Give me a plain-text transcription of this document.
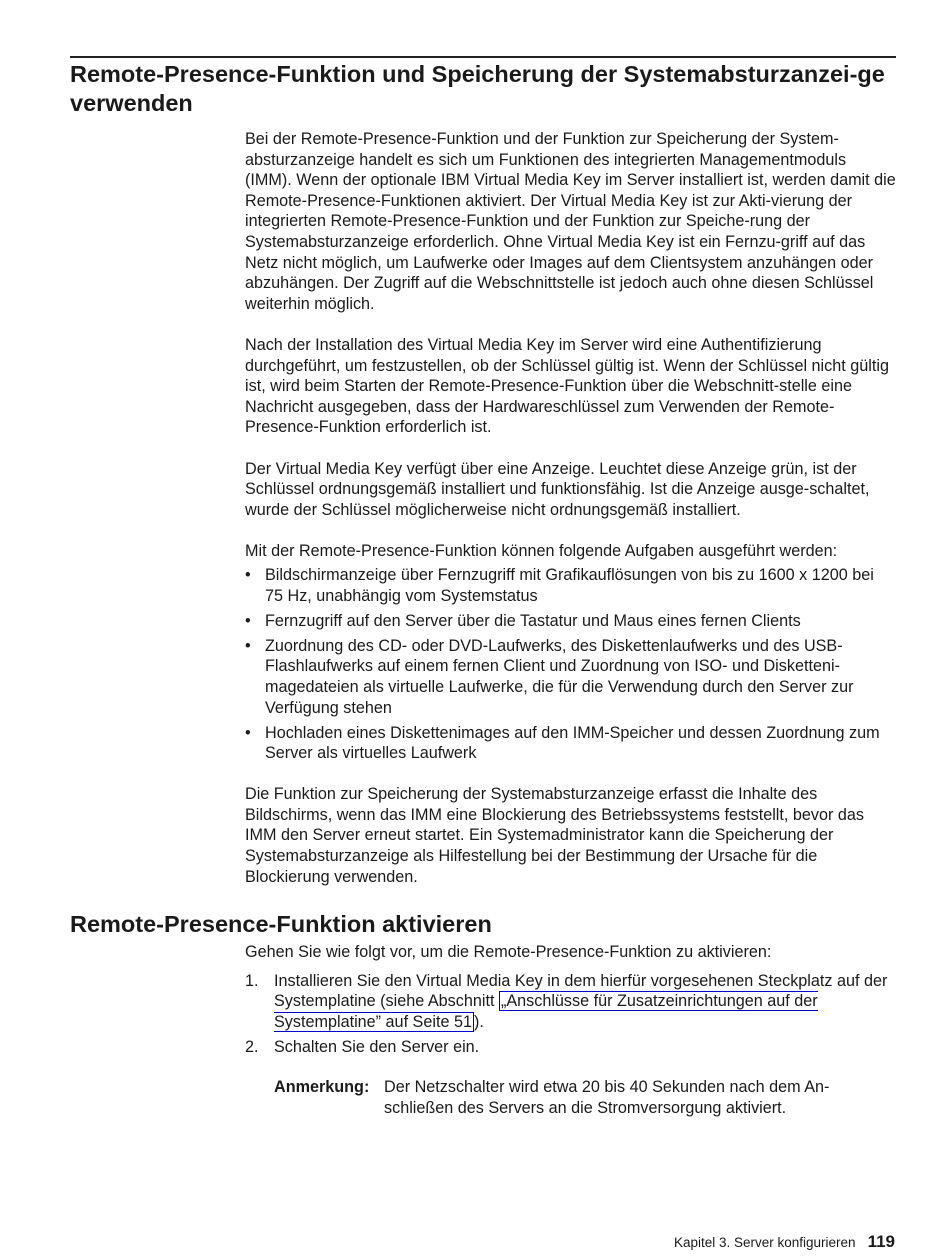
Remote-Presence-Funktion und Speicherung der Systemabsturzanzei-ge verwenden

Bei der Remote-Presence-Funktion und der Funktion zur Speicherung der System-absturzanzeige handelt es sich um Funktionen des integrierten Managementmoduls (IMM). Wenn der optionale IBM Virtual Media Key im Server installiert ist, werden damit die Remote-Presence-Funktionen aktiviert. Der Virtual Media Key ist zur Akti-vierung der integrierten Remote-Presence-Funktion und der Funktion zur Speiche-rung der Systemabsturzanzeige erforderlich. Ohne Virtual Media Key ist ein Fernzu-griff auf das Netz nicht möglich, um Laufwerke oder Images auf dem Clientsystem anzuhängen oder abzuhängen. Der Zugriff auf die Webschnittstelle ist jedoch auch ohne diesen Schlüssel weiterhin möglich.

Nach der Installation des Virtual Media Key im Server wird eine Authentifizierung durchgeführt, um festzustellen, ob der Schlüssel gültig ist. Wenn der Schlüssel nicht gültig ist, wird beim Starten der Remote-Presence-Funktion über die Webschnitt-stelle eine Nachricht ausgegeben, dass der Hardwareschlüssel zum Verwenden der Remote-Presence-Funktion erforderlich ist.

Der Virtual Media Key verfügt über eine Anzeige. Leuchtet diese Anzeige grün, ist der Schlüssel ordnungsgemäß installiert und funktionsfähig. Ist die Anzeige ausge-schaltet, wurde der Schlüssel möglicherweise nicht ordnungsgemäß installiert.

Mit der Remote-Presence-Funktion können folgende Aufgaben ausgeführt werden:

• Bildschirmanzeige über Fernzugriff mit Grafikauflösungen von bis zu 1600 x 1200 bei 75 Hz, unabhängig vom Systemstatus
• Fernzugriff auf den Server über die Tastatur und Maus eines fernen Clients
• Zuordnung des CD- oder DVD-Laufwerks, des Diskettenlaufwerks und des USB-Flashlaufwerks auf einem fernen Client und Zuordnung von ISO- und Disketteni-magedateien als virtuelle Laufwerke, die für die Verwendung durch den Server zur Verfügung stehen
• Hochladen eines Diskettenimages auf den IMM-Speicher und dessen Zuordnung zum Server als virtuelles Laufwerk

Die Funktion zur Speicherung der Systemabsturzanzeige erfasst die Inhalte des Bildschirms, wenn das IMM eine Blockierung des Betriebssystems feststellt, bevor das IMM den Server erneut startet. Ein Systemadministrator kann die Speicherung der Systemabsturzanzeige als Hilfestellung bei der Bestimmung der Ursache für die Blockierung verwenden.

Remote-Presence-Funktion aktivieren

Gehen Sie wie folgt vor, um die Remote-Presence-Funktion zu aktivieren:

1. Installieren Sie den Virtual Media Key in dem hierfür vorgesehenen Steckplatz auf der Systemplatine (siehe Abschnitt „Anschlüsse für Zusatzeinrichtungen auf der Systemplatine” auf Seite 51 ).
2. Schalten Sie den Server ein.
Anmerkung: Der Netzschalter wird etwa 20 bis 40 Sekunden nach dem An-schließen des Servers an die Stromversorgung aktiviert.
Kapitel 3. Server konfigurieren 119
